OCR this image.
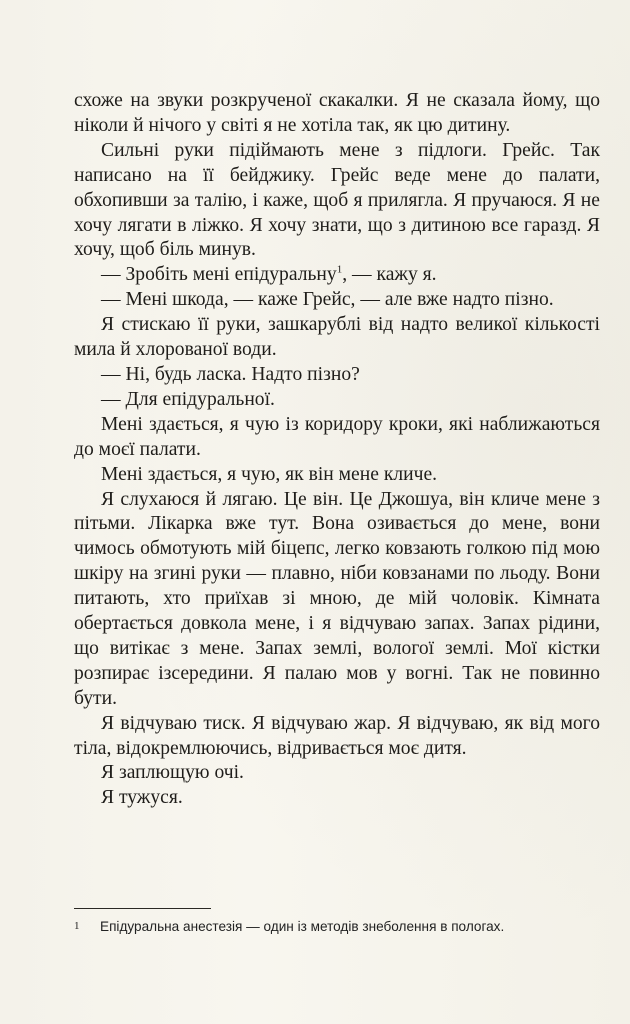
схоже на звуки розкрученої скакалки. Я не сказала йому, що ніколи й нічого у світі я не хотіла так, як цю дитину.

Сильні руки підіймають мене з підлоги. Грейс. Так написано на її бейджику. Грейс веде мене до палати, обхопивши за талію, і каже, щоб я прилягла. Я пручаюся. Я не хочу лягати в ліжко. Я хочу знати, що з дитиною все гаразд. Я хочу, щоб біль минув.

— Зробіть мені епідуральну$^1$, — кажу я.

— Мені шкода, — каже Грейс, — але вже надто пізно.

Я стискаю її руки, зашкарублі від надто великої кількості мила й хлорованої води.

— Ні, будь ласка. Надто пізно?

— Для епідуральної.

Мені здається, я чую із коридору кроки, які наближаються до моєї палати.

Мені здається, я чую, як він мене кличе.

Я слухаюся й лягаю. Це він. Це Джошуа, він кличе мене з пітьми. Лікарка вже тут. Вона озивається до мене, вони чимось обмотують мій біцепс, легко ковзають голкою під мою шкіру на згині руки — плавно, ніби ковзанами по льоду. Вони питають, хто приїхав зі мною, де мій чоловік. Кімната обертається довкола мене, і я відчуваю запах. Запах рідини, що витікає з мене. Запах землі, вологої землі. Мої кістки розпирає ізсередини. Я палаю мов у вогні. Так не повинно бути.

Я відчуваю тиск. Я відчуваю жар. Я відчуваю, як від мого тіла, відокремлюючись, відривається моє дитя.

Я заплющую очі.

Я тужуся.

1 Епідуральна анестезія — один із методів знеболення в пологах.
